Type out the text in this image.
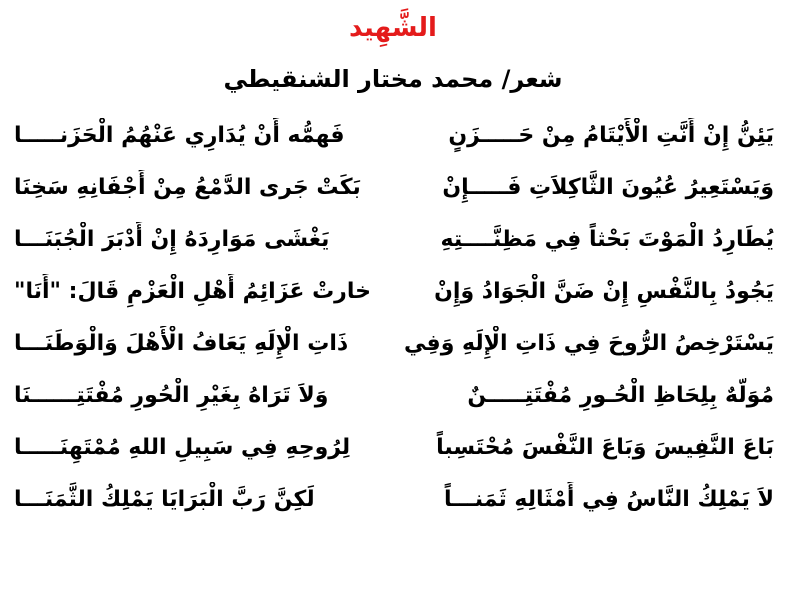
الشَّهِيد
شعر/ محمد مختار الشنقيطي
يَئِنُّ إِنْ أَنَّتِ الْأَيْتَامُ مِنْ حَـــــزَنٍ
فَهمُّه أَنْ يُدَارِي عَنْهُمُ الْحَزَنـــــا
وَيَسْتَعِيرُ عُيُونَ الثَّاكِلاَتِ فَـــــإِنْ
بَكَتْ جَرى الدَّمْعُ مِنْ أَجْفَانِهِ سَخِنَا
يُطَارِدُ الْمَوْتَ بَحْثاً فِي مَظِنَّــــتِهِ
يَغْشَى مَوَارِدَهُ إِنْ أَدْبَرَ الْجُبَنَـــا
يَجُودُ بِالنَّفْسِ إِنْ ضَنَّ الْجَوَادُ وَإِنْ
خارتْ عَزَائِمُ أَهْلِ الْعَزْمِ قَالَ: "أَنَا"
يَسْتَرْخِصُ الرُّوحَ فِي ذَاتِ الْإِلَهِ وَفِي
ذَاتِ الْإِلَهِ يَعَافُ الْأَهْلَ وَالْوَطَنَـــا
مُوَلَّهٌ بِلِحَاظِ الْحُـورِ مُفْتَتِـــــنٌ
وَلاَ تَرَاهُ بِغَيْرِ الْحُورِ مُفْتَتِــــــنَا
بَاعَ النَّفِيسَ وَبَاعَ النَّفْسَ مُحْتَسِباً
لِرُوحِهِ فِي سَبِيلِ اللهِ مُمْتَهِنَـــــا
لاَ يَمْلِكُ النَّاسُ فِي أَمْثَالِهِ ثَمَنـــاً
لَكِنَّ رَبَّ الْبَرَايَا يَمْلِكُ الثَّمَنَـــا
